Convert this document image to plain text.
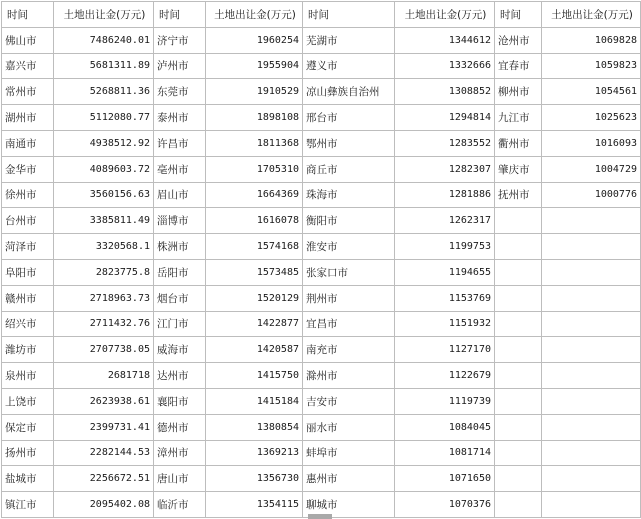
时间	土地出让金(万元)	时间	土地出让金(万元)	时间	土地出让金(万元)	时间	土地出让金(万元)
佛山市	7486240.01	济宁市	1960254	芜湖市	1344612	沧州市	1069828
嘉兴市	5681311.89	泸州市	1955904	遵义市	1332666	宜春市	1059823
常州市	5268811.36	东莞市	1910529	凉山彝族自治州	1308852	柳州市	1054561
湖州市	5112080.77	泰州市	1898108	邢台市	1294814	九江市	1025623
南通市	4938512.92	许昌市	1811368	鄂州市	1283552	衢州市	1016093
金华市	4089603.72	亳州市	1705310	商丘市	1282307	肇庆市	1004729
徐州市	3560156.63	眉山市	1664369	珠海市	1281886	抚州市	1000776
台州市	3385811.49	淄博市	1616078	衡阳市	1262317		
菏泽市	3320568.1	株洲市	1574168	淮安市	1199753		
阜阳市	2823775.8	岳阳市	1573485	张家口市	1194655		
赣州市	2718963.73	烟台市	1520129	荆州市	1153769		
绍兴市	2711432.76	江门市	1422877	宜昌市	1151932		
潍坊市	2707738.05	威海市	1420587	南充市	1127170		
泉州市	2681718	达州市	1415750	滁州市	1122679		
上饶市	2623938.61	襄阳市	1415184	吉安市	1119739		
保定市	2399731.41	德州市	1380854	丽水市	1084045		
扬州市	2282144.53	漳州市	1369213	蚌埠市	1081714		
盐城市	2256672.51	唐山市	1356730	惠州市	1071650		
镇江市	2095402.08	临沂市	1354115	聊城市	1070376		
